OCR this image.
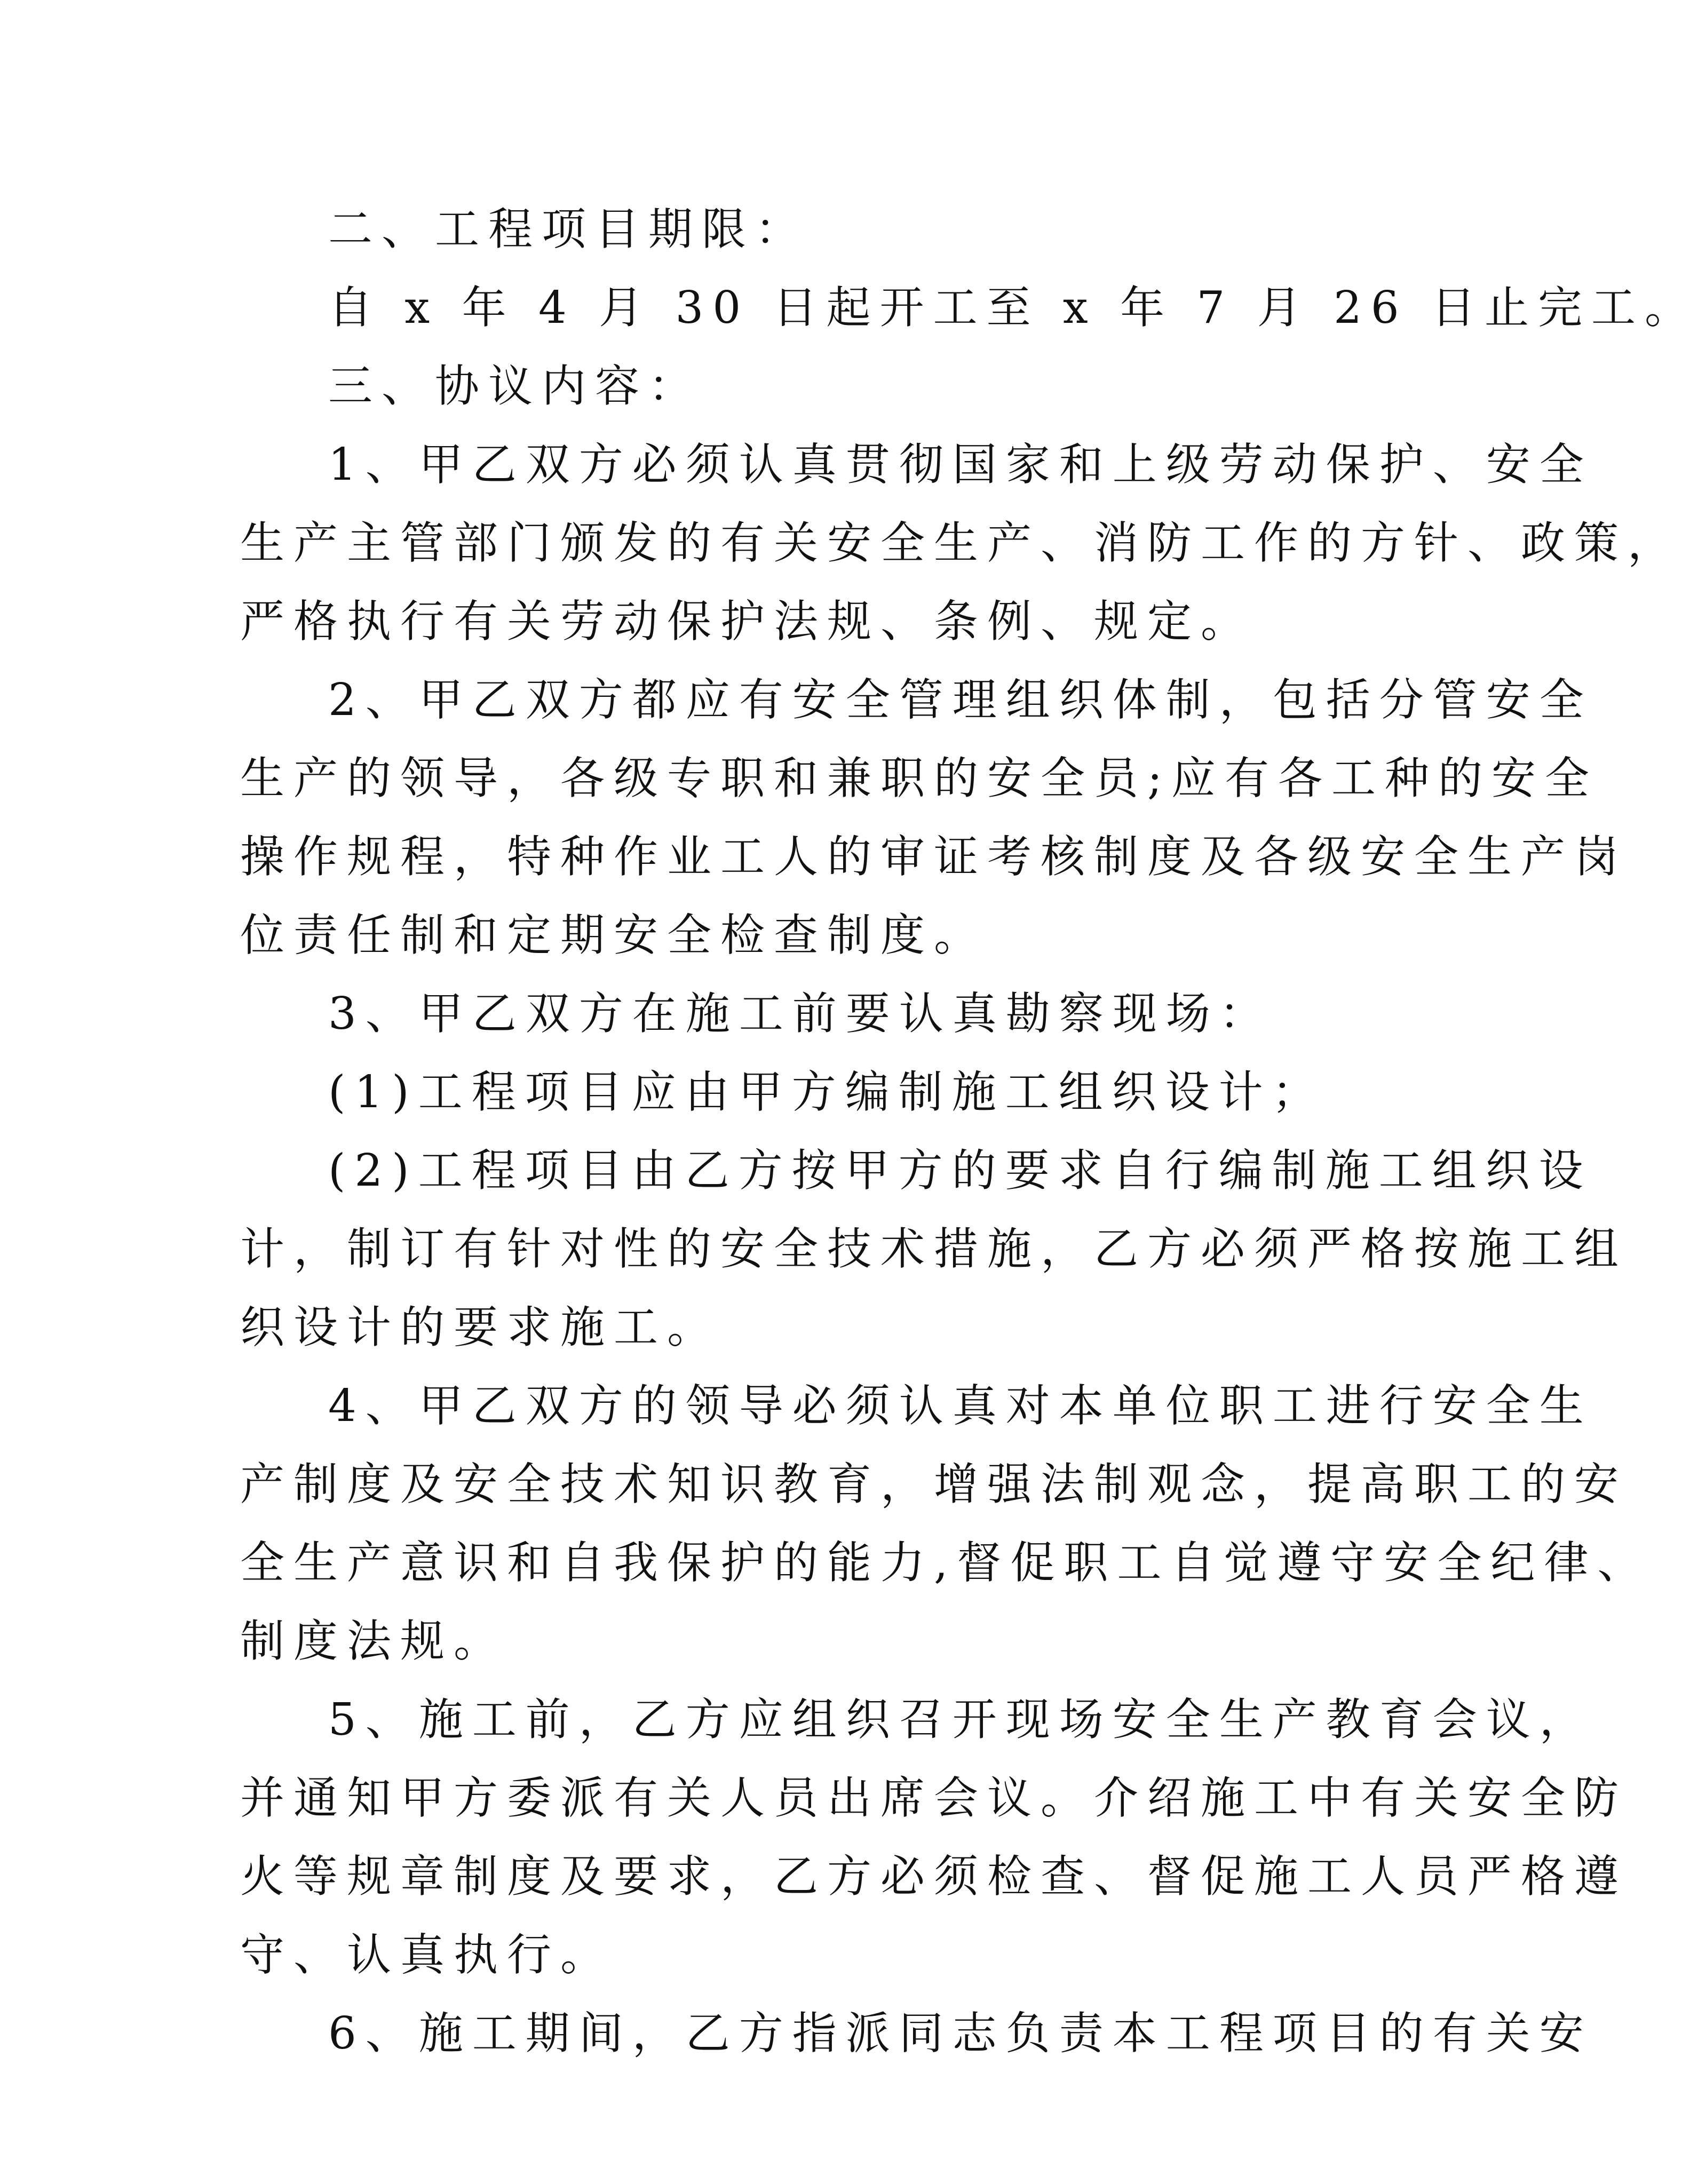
二、工程项目期限：
自 x 年 4 月 30 日起开工至 x 年 7 月 26 日止完工。
三、协议内容：
1、甲乙双方必须认真贯彻国家和上级劳动保护、安全
生产主管部门颁发的有关安全生产、消防工作的方针、政策，
严格执行有关劳动保护法规、条例、规定。
2、甲乙双方都应有安全管理组织体制，包括分管安全
生产的领导，各级专职和兼职的安全员;应有各工种的安全
操作规程，特种作业工人的审证考核制度及各级安全生产岗
位责任制和定期安全检查制度。
3、甲乙双方在施工前要认真勘察现场：
(1)工程项目应由甲方编制施工组织设计；
(2)工程项目由乙方按甲方的要求自行编制施工组织设
计，制订有针对性的安全技术措施，乙方必须严格按施工组
织设计的要求施工。
4、甲乙双方的领导必须认真对本单位职工进行安全生
产制度及安全技术知识教育，增强法制观念，提高职工的安
全生产意识和自我保护的能力,督促职工自觉遵守安全纪律、
制度法规。
5、施工前，乙方应组织召开现场安全生产教育会议，
并通知甲方委派有关人员出席会议。介绍施工中有关安全防
火等规章制度及要求，乙方必须检查、督促施工人员严格遵
守、认真执行。
6、施工期间，乙方指派同志负责本工程项目的有关安
